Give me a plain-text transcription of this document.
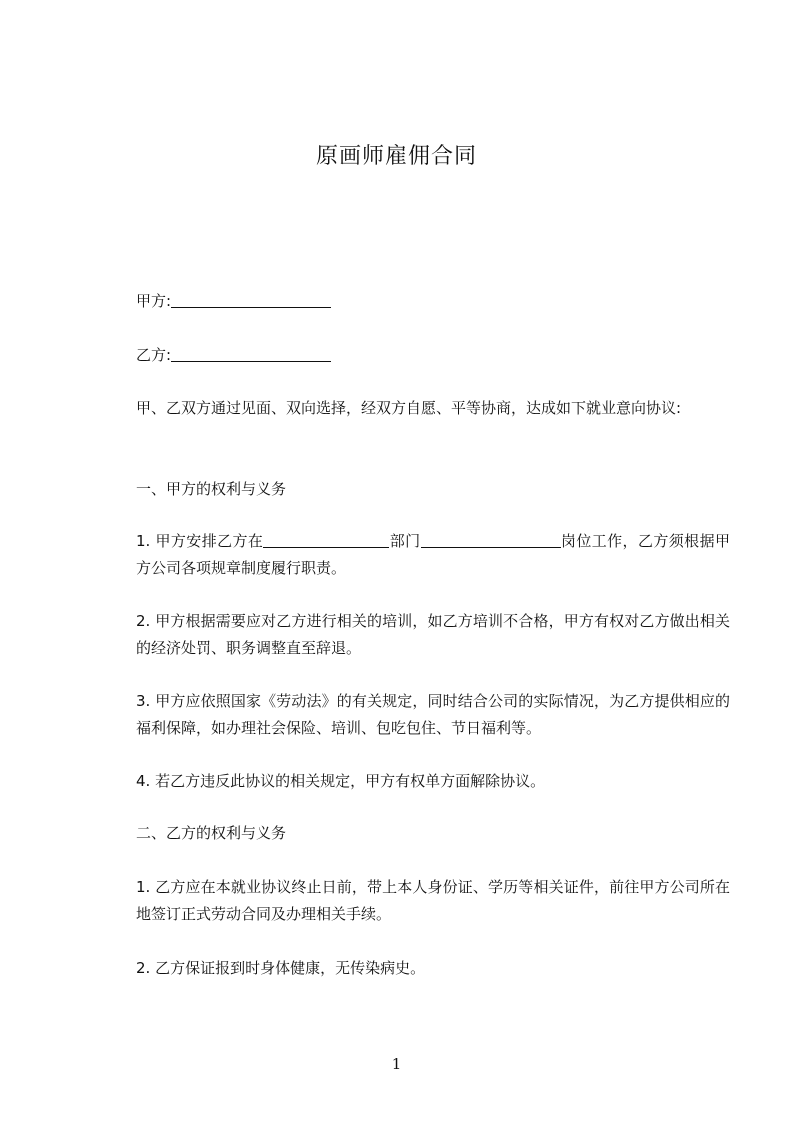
原画师雇佣合同
甲方:
乙方:
甲、乙双方通过见面、双向选择，经双方自愿、平等协商，达成如下就业意向协议:
一、甲方的权利与义务
1. 甲方安排乙方在	部门	岗位工作，乙方须根据甲方公司各项规章制度履行职责。
2. 甲方根据需要应对乙方进行相关的培训，如乙方培训不合格，甲方有权对乙方做出相关的经济处罚、职务调整直至辞退。
3. 甲方应依照国家《劳动法》的有关规定，同时结合公司的实际情况，为乙方提供相应的福利保障，如办理社会保险、培训、包吃包住、节日福利等。
4. 若乙方违反此协议的相关规定，甲方有权单方面解除协议。
二、乙方的权利与义务
1. 乙方应在本就业协议终止日前，带上本人身份证、学历等相关证件，前往甲方公司所在地签订正式劳动合同及办理相关手续。
2. 乙方保证报到时身体健康，无传染病史。
1
